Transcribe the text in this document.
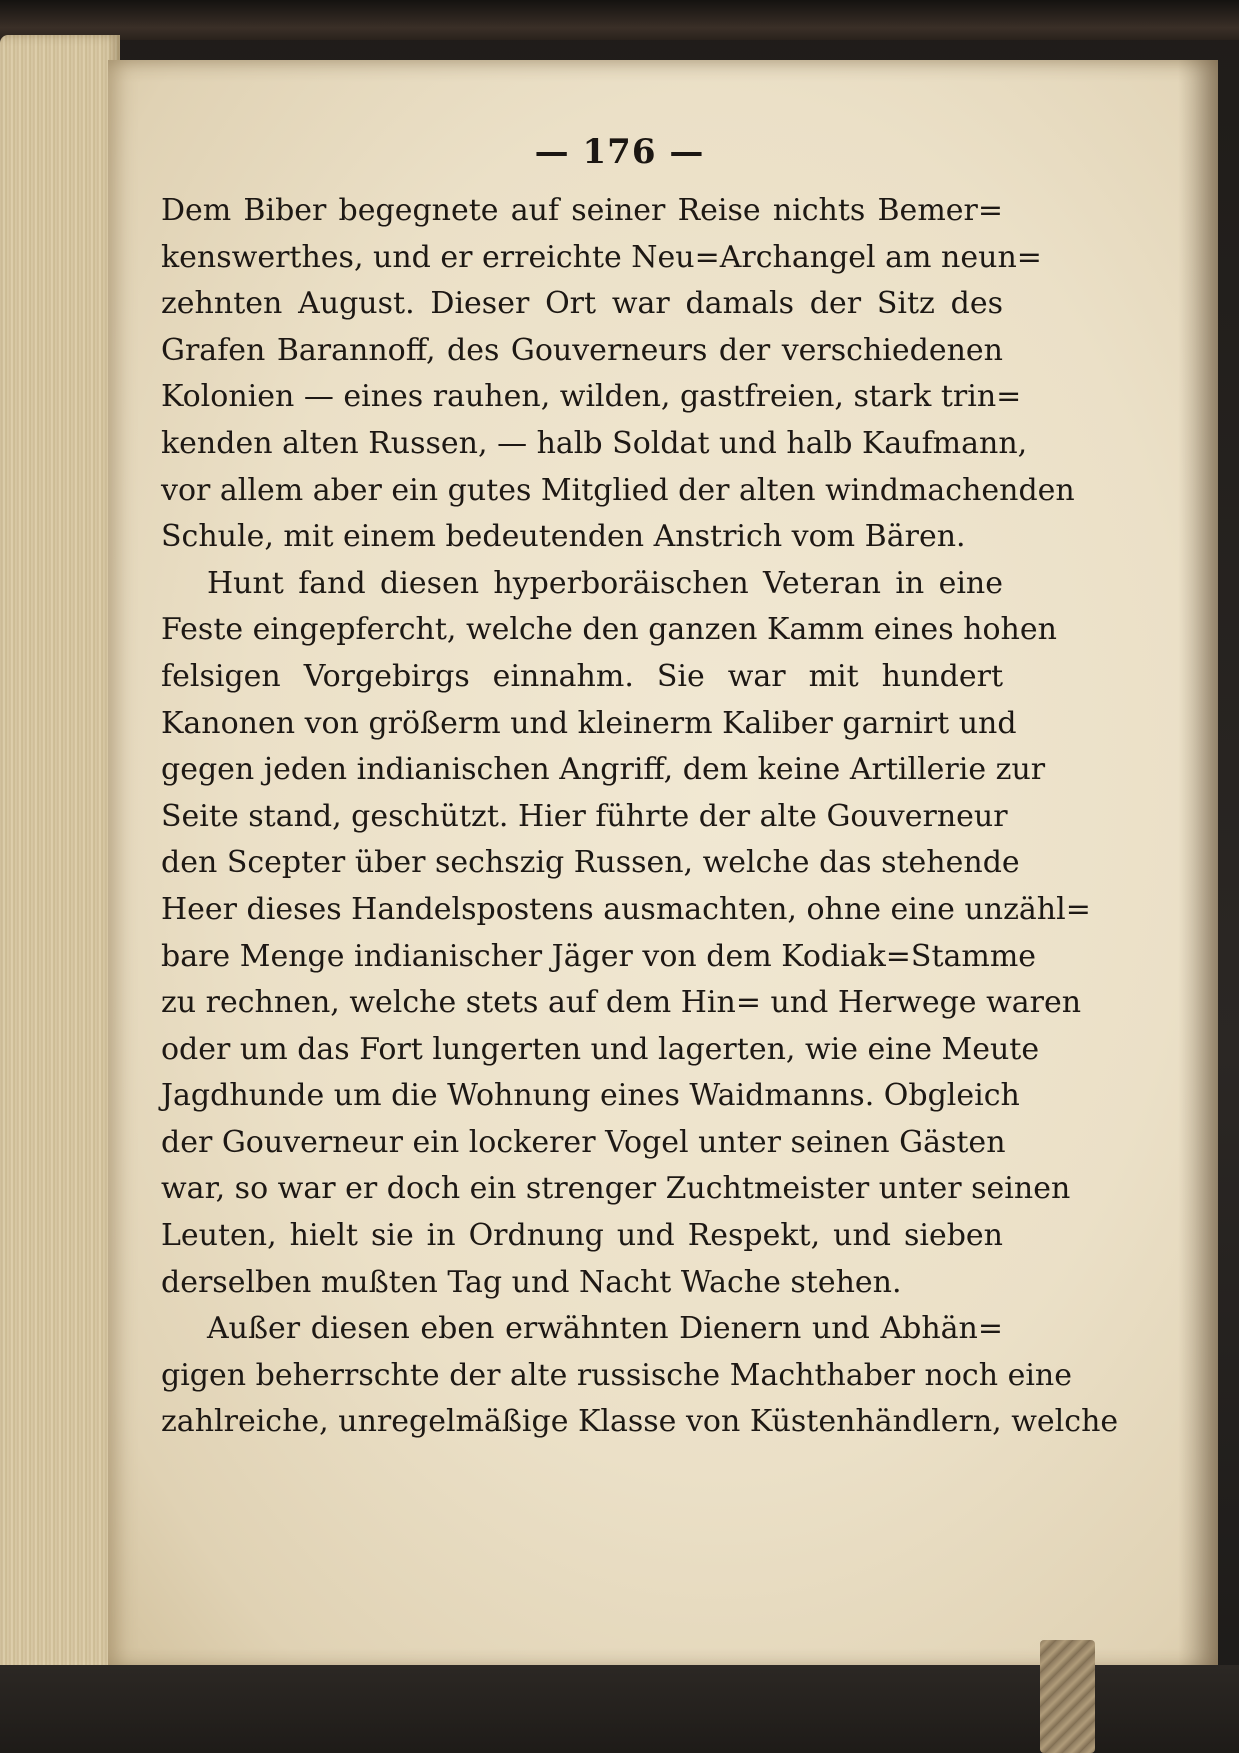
— 176 —
Dem Biber begegnete auf seiner Reise nichts Bemer=
kenswerthes, und er erreichte Neu=Archangel am neun=
zehnten August. Dieser Ort war damals der Sitz des
Grafen Barannoff, des Gouverneurs der verschiedenen
Kolonien — eines rauhen, wilden, gastfreien, stark trin=
kenden alten Russen, — halb Soldat und halb Kaufmann,
vor allem aber ein gutes Mitglied der alten windmachenden
Schule, mit einem bedeutenden Anstrich vom Bären.
Hunt fand diesen hyperboräischen Veteran in eine
Feste eingepfercht, welche den ganzen Kamm eines hohen
felsigen Vorgebirgs einnahm. Sie war mit hundert
Kanonen von größerm und kleinerm Kaliber garnirt und
gegen jeden indianischen Angriff, dem keine Artillerie zur
Seite stand, geschützt. Hier führte der alte Gouverneur
den Scepter über sechszig Russen, welche das stehende
Heer dieses Handelspostens ausmachten, ohne eine unzähl=
bare Menge indianischer Jäger von dem Kodiak=Stamme
zu rechnen, welche stets auf dem Hin= und Herwege waren
oder um das Fort lungerten und lagerten, wie eine Meute
Jagdhunde um die Wohnung eines Waidmanns. Obgleich
der Gouverneur ein lockerer Vogel unter seinen Gästen
war, so war er doch ein strenger Zuchtmeister unter seinen
Leuten, hielt sie in Ordnung und Respekt, und sieben
derselben mußten Tag und Nacht Wache stehen.
Außer diesen eben erwähnten Dienern und Abhän=
gigen beherrschte der alte russische Machthaber noch eine
zahlreiche, unregelmäßige Klasse von Küstenhändlern, welche
